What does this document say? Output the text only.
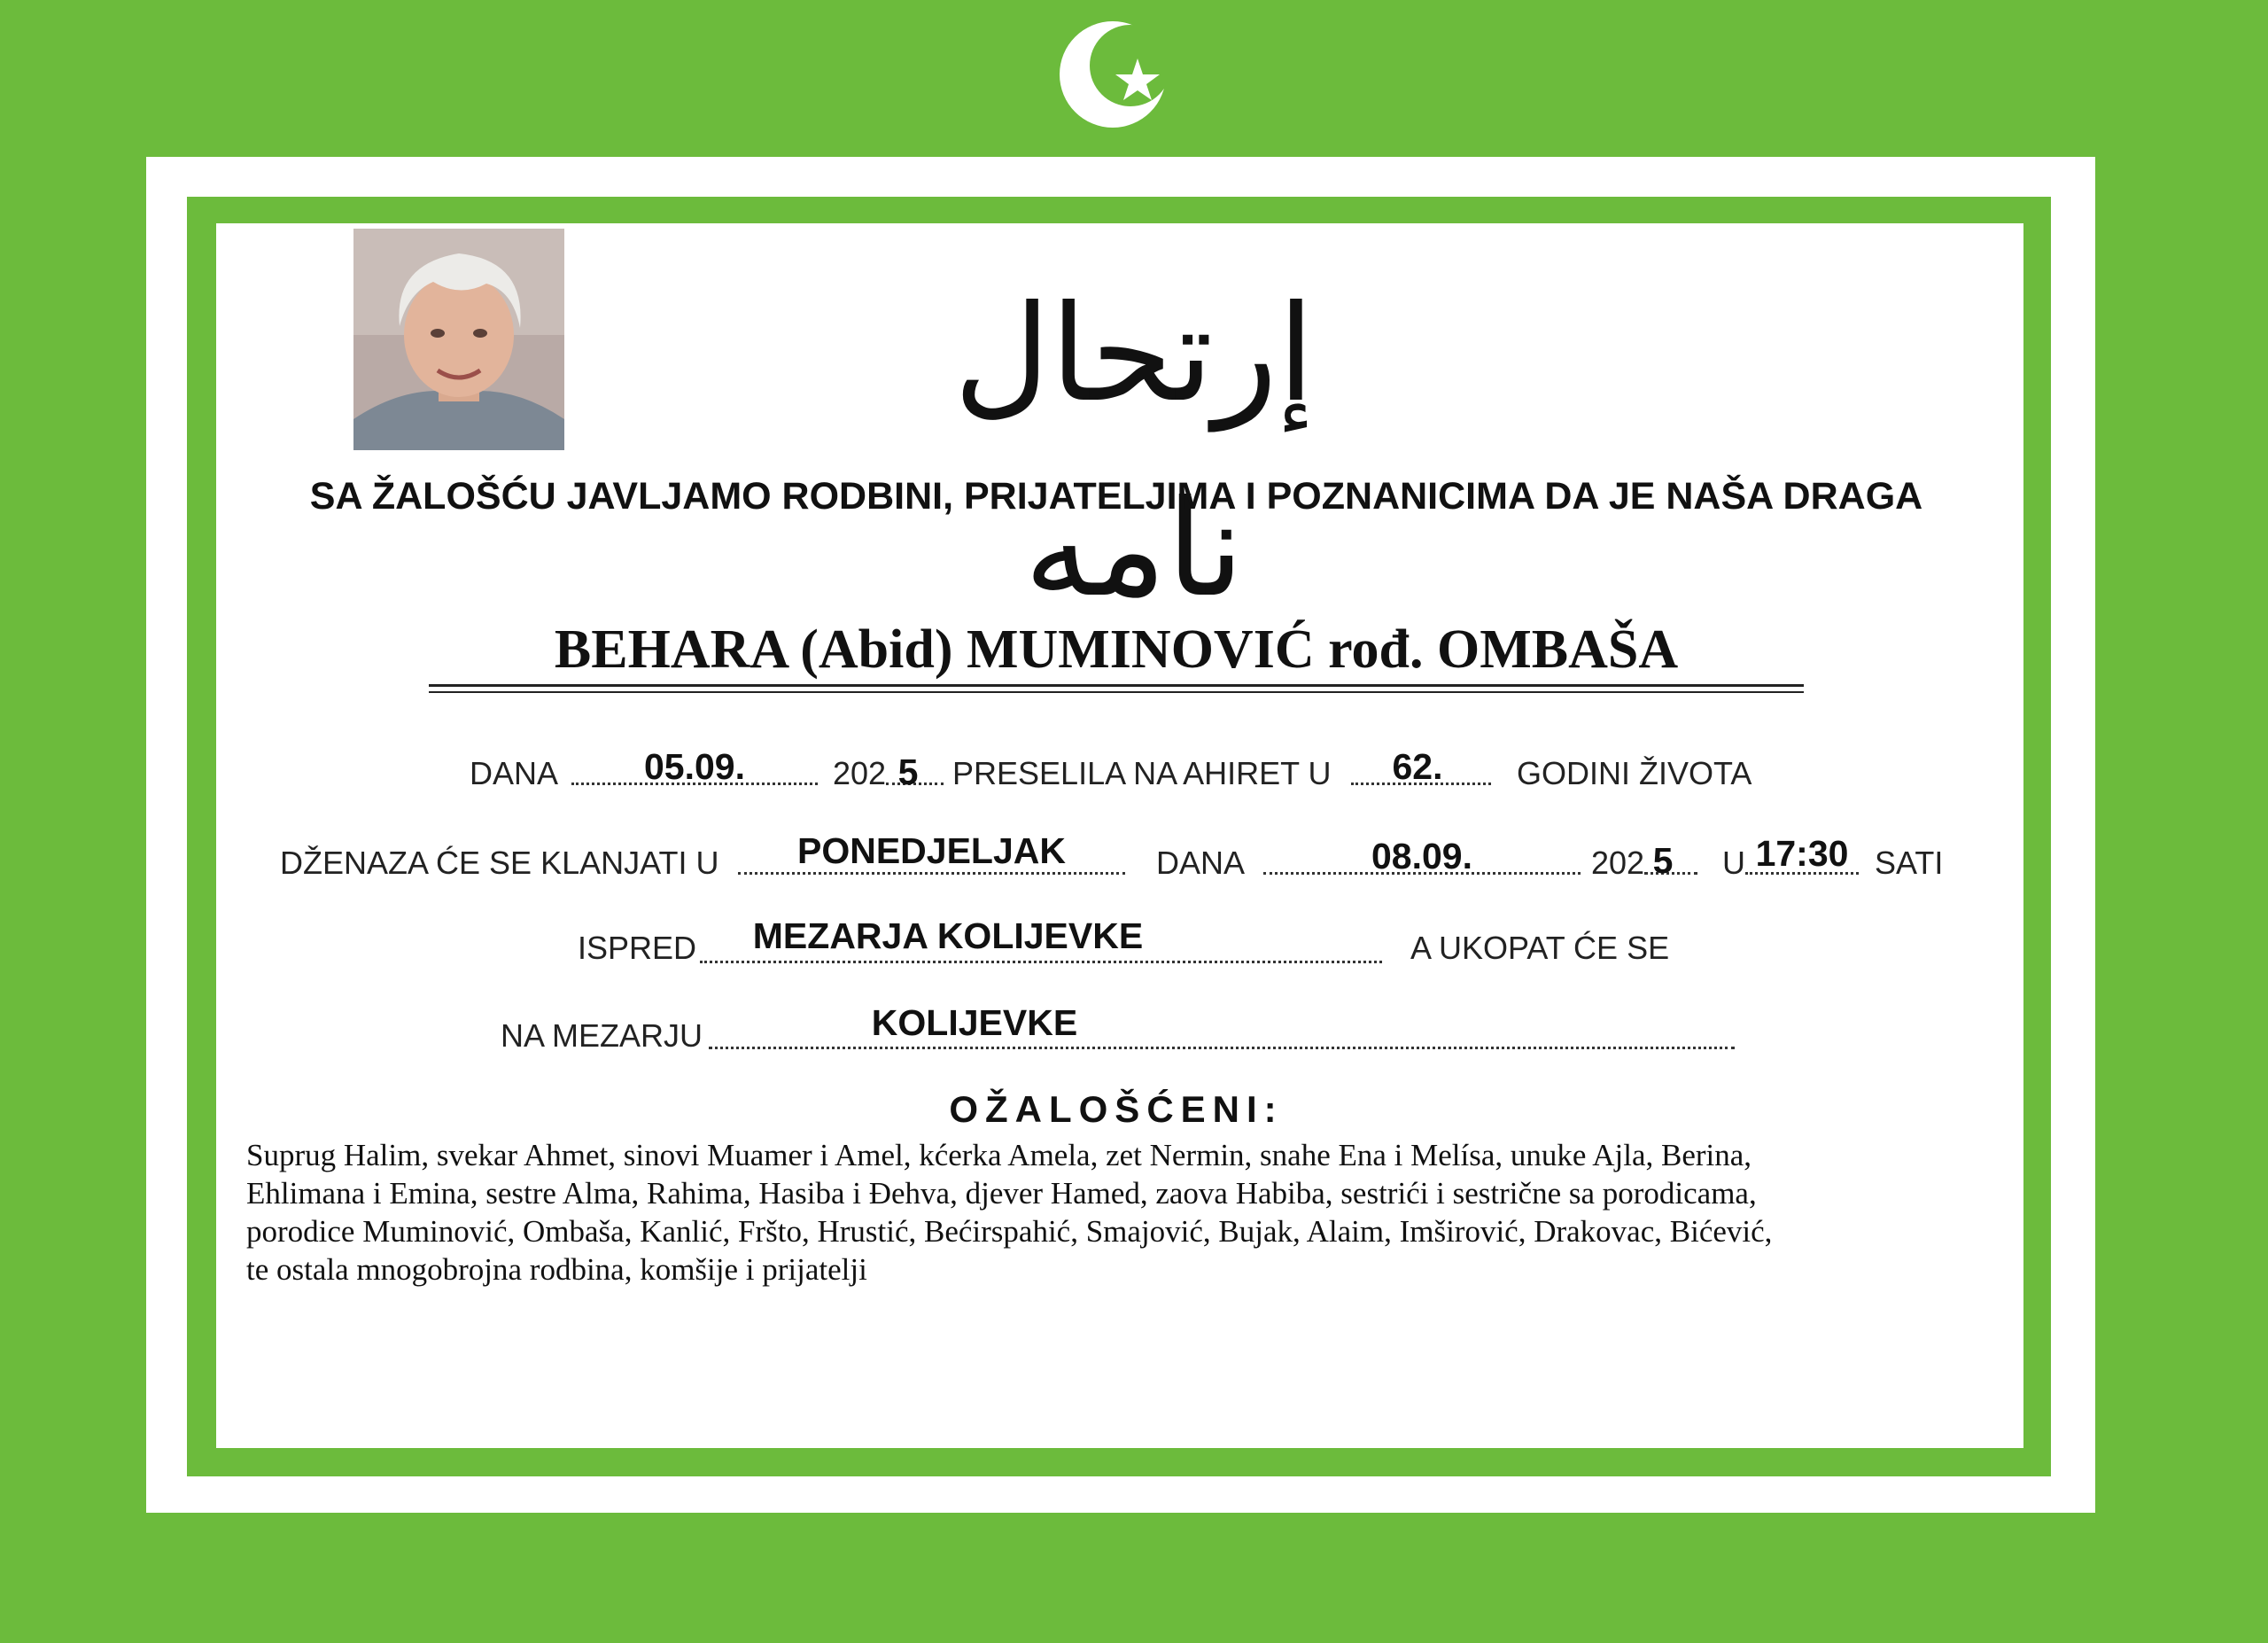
إرتحال نامه
SA ŽALOŠĆU JAVLJAMO RODBINI, PRIJATELJIMA I POZNANICIMA DA JE NAŠA DRAGA
BEHARA (Abid) MUMINOVIĆ rođ. OMBAŠA
DANA	05.09.	202 5	PRESELILA NA AHIRET U	62.	GODINI ŽIVOTA
DŽENAZA ĆE SE KLANJATI U	PONEDJELJAK	DANA	08.09.	202 5	U 17:30 SATI
ISPRED	MEZARJA KOLIJEVKE	A UKOPAT ĆE SE
NA MEZARJU	KOLIJEVKE
OŽALOŠĆENI:
Suprug Halim, svekar Ahmet, sinovi Muamer i Amel, kćerka Amela, zet Nermin, snahe Ena i Melísa, unuke Ajla, Berina,
Ehlimana i Emina, sestre Alma, Rahima, Hasiba i Đehva, djever Hamed, zaova Habiba, sestrići i sestrične sa porodicama,
porodice Muminović, Ombaša, Kanlić, Fršto, Hrustić, Bećirspahić, Smajović, Bujak, Alaim, Imširović, Drakovac, Bićević,
te ostala mnogobrojna rodbina, komšije i prijatelji
